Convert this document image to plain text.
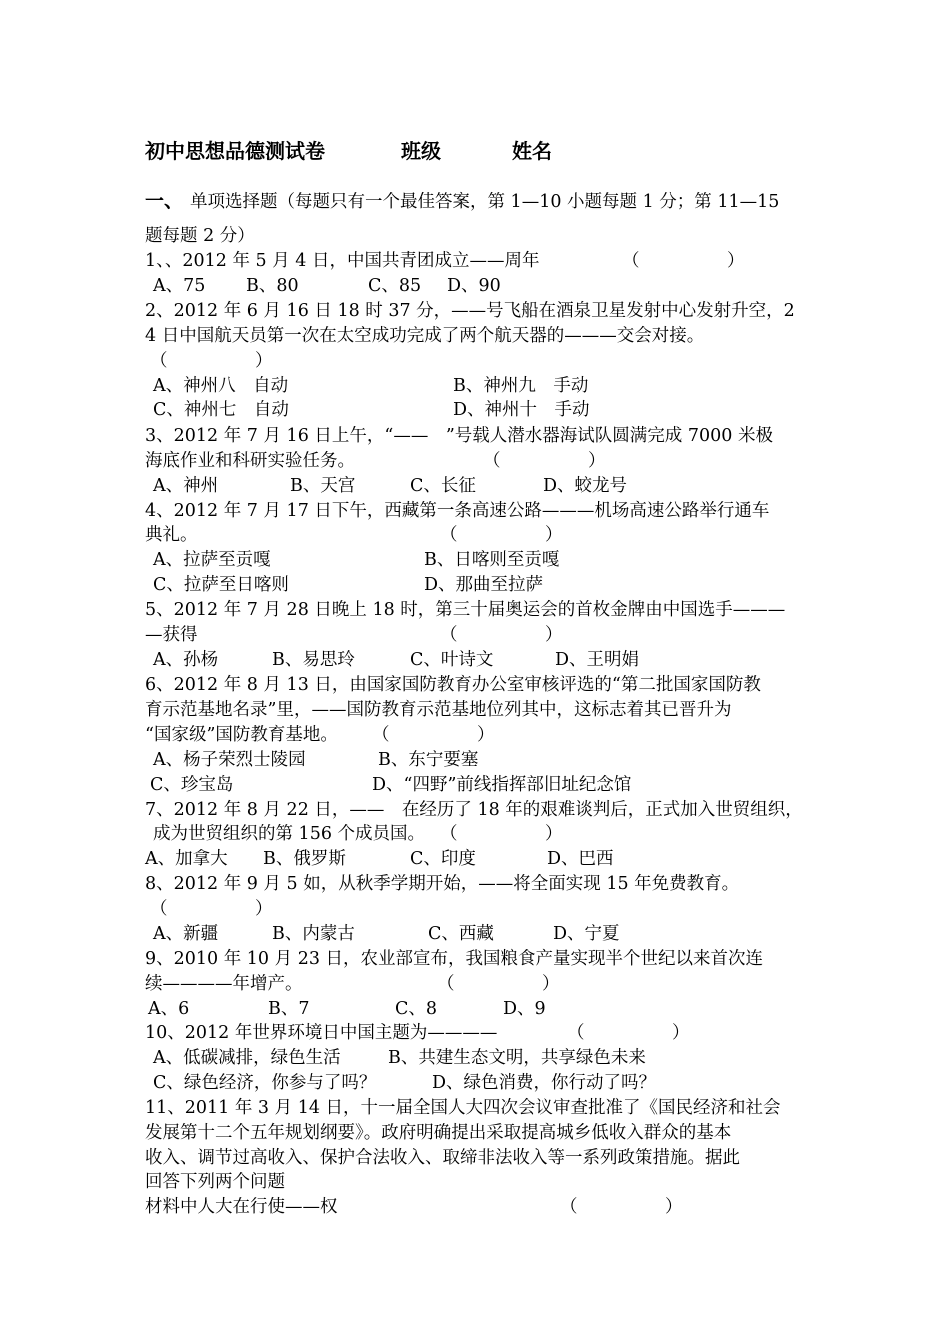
初中思想品德测试卷	班级	姓名
一、 单项选择题（每题只有一个最佳答案，第 1—10 小题每题 1 分；第 11—15
题每题 2 分）
1、、2012 年 5 月 4 日，中国共青团成立——周年	（　　　　　）
A、75 B、80	C、85 D、90
2、2012 年 6 月 16 日 18 时 37 分，——号飞船在酒泉卫星发射中心发射升空，2
4 日中国航天员第一次在太空成功完成了两个航天器的———交会对接。
（　　　　　）
A、神州八　自动	B、神州九　手动
C、神州七　自动	D、神州十　手动
3、2012 年 7 月 16 日上午，“——　”号载人潜水器海试队圆满完成 7000 米极
海底作业和科研实验任务。	（　　　　　）
A、神州	B、天宫	C、长征	D、蛟龙号
4、2012 年 7 月 17 日下午，西藏第一条高速公路———机场高速公路举行通车
典礼。	（　　　　　）
A、拉萨至贡嘎	B、日喀则至贡嘎
C、拉萨至日喀则	D、那曲至拉萨
5、2012 年 7 月 28 日晚上 18 时，第三十届奥运会的首枚金牌由中国选手———
—获得	（　　　　　）
A、孙杨	B、易思玲	C、叶诗文	D、王明娟
6、2012 年 8 月 13 日，由国家国防教育办公室审核评选的“第二批国家国防教
育示范基地名录”里，——国防教育示范基地位列其中，这标志着其已晋升为
“国家级”国防教育基地。 （　　　　　）
A、杨子荣烈士陵园	B、东宁要塞
C、珍宝岛	D、“四野”前线指挥部旧址纪念馆
7、2012 年 8 月 22 日，——　在经历了 18 年的艰难谈判后，正式加入世贸组织，
成为世贸组织的第 156 个成员国。 （　　　　　）
A、加拿大 B、俄罗斯	C、印度	D、巴西
8、2012 年 9 月 5 如，从秋季学期开始，——将全面实现 15 年免费教育。
（　　　　　）
A、新疆	B、内蒙古	C、西藏	D、宁夏
9、2010 年 10 月 23 日，农业部宣布，我国粮食产量实现半个世纪以来首次连
续————年增产。	（　　　　　）
A、6	B、7	C、8	D、9
10、2012 年世界环境日中国主题为————	（　　　　　）
A、低碳减排，绿色生活	B、共建生态文明，共享绿色未来
C、绿色经济，你参与了吗？	D、绿色消费，你行动了吗？
11、2011 年 3 月 14 日，十一届全国人大四次会议审查批准了《国民经济和社会
发展第十二个五年规划纲要》。政府明确提出采取提高城乡低收入群众的基本
收入、调节过高收入、保护合法收入、取缔非法收入等一系列政策措施。据此
回答下列两个问题
材料中人大在行使——权	（　　　　　）
